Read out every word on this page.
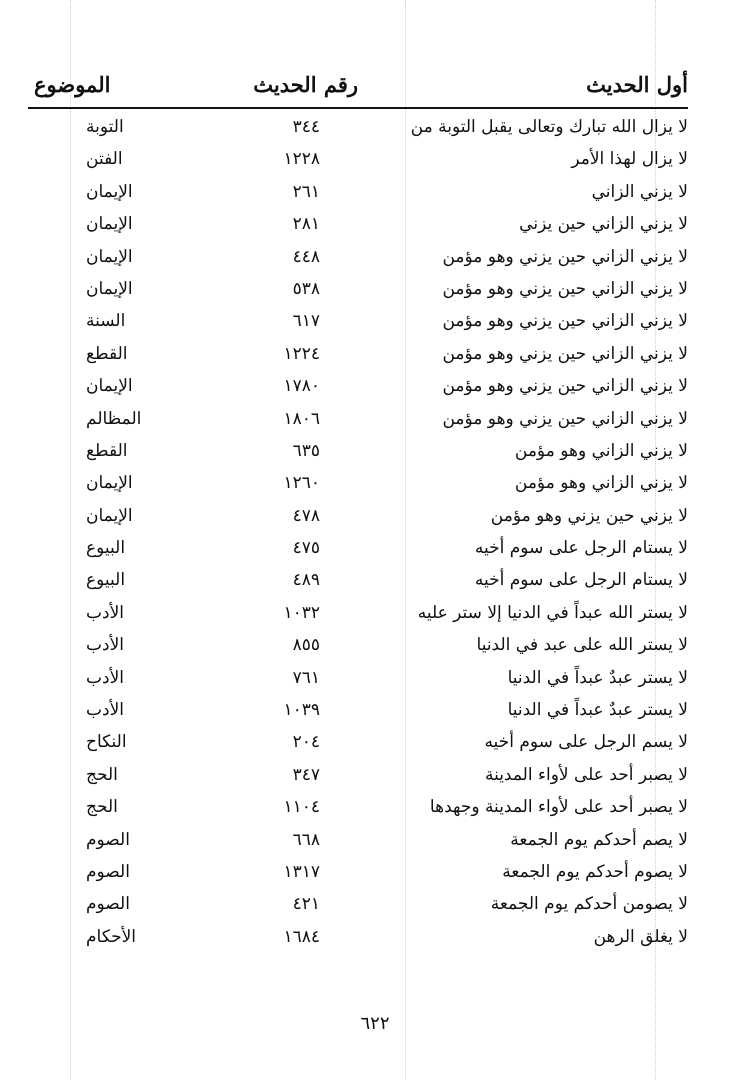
أول الحديث
رقم الحديث
الموضوع
لا يزال الله تبارك وتعالى يقبل التوبة من
٣٤٤
التوبة
لا يزال لهذا الأمر
١٢٢٨
الفتن
لا يزني الزاني
٢٦١
الإيمان
لا يزني الزاني حين يزني
٢٨١
الإيمان
لا يزني الزاني حين يزني وهو مؤمن
٤٤٨
الإيمان
لا يزني الزاني حين يزني وهو مؤمن
٥٣٨
الإيمان
لا يزني الزاني حين يزني وهو مؤمن
٦١٧
السنة
لا يزني الزاني حين يزني وهو مؤمن
١٢٢٤
القطع
لا يزني الزاني حين يزني وهو مؤمن
١٧٨٠
الإيمان
لا يزني الزاني حين يزني وهو مؤمن
١٨٠٦
المظالم
لا يزني الزاني وهو مؤمن
٦٣٥
القطع
لا يزني الزاني وهو مؤمن
١٢٦٠
الإيمان
لا يزني حين يزني وهو مؤمن
٤٧٨
الإيمان
لا يستام الرجل على سوم أخيه
٤٧٥
البيوع
لا يستام الرجل على سوم أخيه
٤٨٩
البيوع
لا يستر الله عبداً في الدنيا إلا ستر عليه
١٠٣٢
الأدب
لا يستر الله على عبد في الدنيا
٨٥٥
الأدب
لا يستر عبدٌ عبداً في الدنيا
٧٦١
الأدب
لا يستر عبدٌ عبداً في الدنيا
١٠٣٩
الأدب
لا يسم الرجل على سوم أخيه
٢٠٤
النكاح
لا يصبر أحد على لأواء المدينة
٣٤٧
الحج
لا يصبر أحد على لأواء المدينة وجهدها
١١٠٤
الحج
لا يصم أحدكم يوم الجمعة
٦٦٨
الصوم
لا يصوم أحدكم يوم الجمعة
١٣١٧
الصوم
لا يصومن أحدكم يوم الجمعة
٤٢١
الصوم
لا يغلق الرهن
١٦٨٤
الأحكام
٦٢٢
